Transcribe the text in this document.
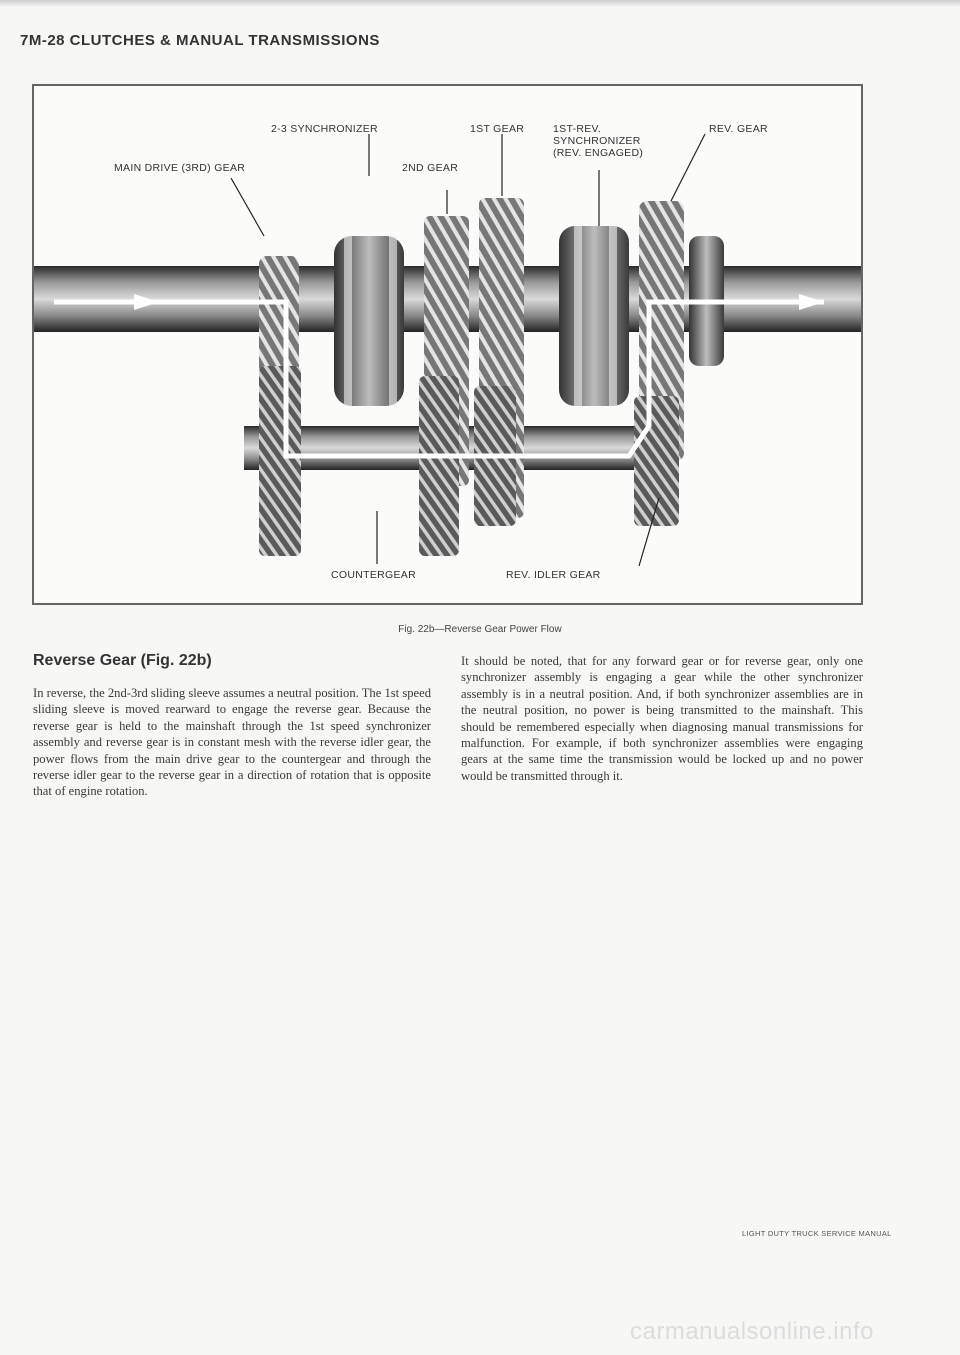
7M-28 CLUTCHES & MANUAL TRANSMISSIONS
2-3 SYNCHRONIZER	1ST GEAR	1ST-REV.
SYNCHRONIZER
(REV. ENGAGED)
REV. GEAR
MAIN DRIVE (3RD) GEAR	2ND GEAR
COUNTERGEAR	REV. IDLER GEAR
Fig. 22b—Reverse Gear Power Flow
Reverse Gear (Fig. 22b)
In reverse, the 2nd-3rd sliding sleeve assumes a neutral position. The 1st speed sliding sleeve is moved rearward to engage the reverse gear. Because the reverse gear is held to the mainshaft through the 1st speed synchronizer assembly and reverse gear is in constant mesh with the reverse idler gear, the power flows from the main drive gear to the countergear and through the reverse idler gear to the reverse gear in a direction of rotation that is opposite that of engine rotation.
It should be noted, that for any forward gear or for reverse gear, only one synchronizer assembly is engaging a gear while the other synchronizer assembly is in a neutral position. And, if both synchronizer assemblies are in the neutral position, no power is being transmitted to the mainshaft. This should be remembered especially when diagnosing manual transmissions for malfunction. For example, if both synchronizer assemblies were engaging gears at the same time the transmission would be locked up and no power would be transmitted through it.
LIGHT DUTY TRUCK SERVICE MANUAL
carmanualsonline.info
